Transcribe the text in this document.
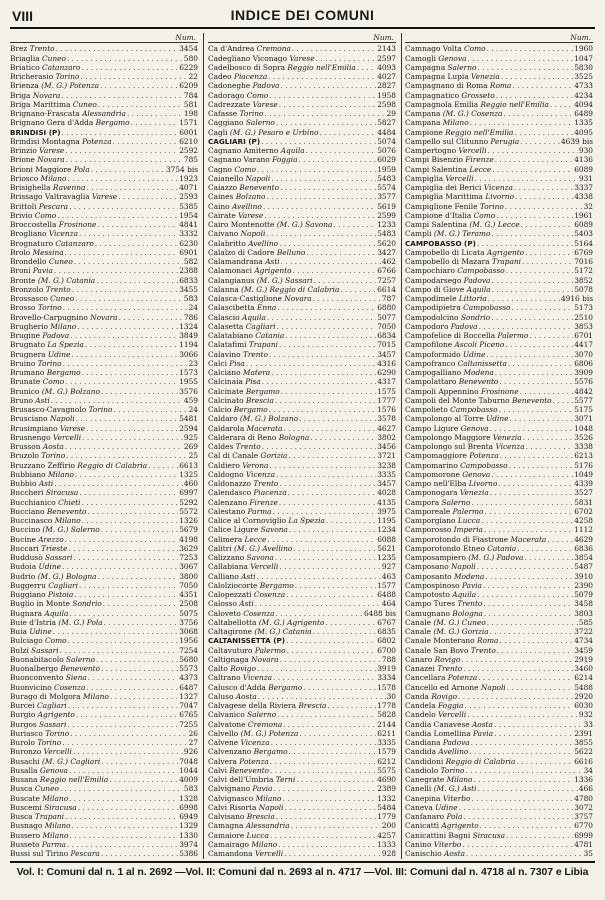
VIII	INDICE DEI COMUNI
Num.
Brez Trento . . .	3454
Briaglia Cuneo . . .	580
Briatico Catanzaro . . .	6229
Bricherasio Torino . . .	22
Brienza (M. G.) Potenza . . .	6209
Briga Novara . . .	784
Briga Marittima Cuneo . . .	581
Brignano-Frascata Alessandria . . .	198
Brignano Gera d'Adda Bergamo . . .	1571
BRINDISI (P) . . .	6001
Brindisi Montagna Potenza . . .	6210
Brinzio Varese . . .	2592
Brione Novara . . .	785
Brioni Maggiore Pola . . .	3754 bis
Briosco Milano . . .	1923
Brisighella Ravenna . . .	4071
Brissago Valtravaglia Varese . . .	2593
Brittoli Pescara . . .	5385
Brivio Como . . .	1954
Broccostella Frosinone . . .	4841
Brogliano Vicenza . . .	3332
Brognaturo Catanzaro . . .	6230
Brolo Messina . . .	6901
Brondello Cuneo . . .	582
Broni Pavia . . .	2388
Bronte (M. G.) Catania . . .	6833
Bronzolo Trento . . .	3455
Brossasco Cuneo . . .	583
Brosso Torino . . .	24
Brovello-Carpugnino Novara . . .	786
Brugherio Milano . . .	1324
Brugine Padova . . .	3849
Brugnato La Spezia . . .	1194
Brugnera Udine . . .	3066
Bruino Torino . . .	23
Brumano Bergamo . . .	1573
Brunate Como . . .	1955
Brunico (M. G.) Bolzano . . .	3576
Bruno Asti . . .	459
Brusasco-Cavagnolo Torino . . .	24
Brusciano Napoli . . .	5481
Brusimpiano Varese . . .	2594
Brusnengo Vercelli . . .	925
Brusson Aosta . . .	269
Bruzolo Torino . . .	25
Bruzzano Zeffirio Reggio di Calabria . . .	6613
Bubbiano Milano . . .	1325
Bubbio Asti . . .	460
Buccheri Siracusa . . .	6997
Bucchianico Chieti . . .	5292
Bucciano Benevento . . .	5572
Buccinasco Milano . . .	1326
Buccino (M. G.) Salerno . . .	5679
Bucine Arezzo . . .	4198
Buccari Trieste . . .	3629
Buddusò Sassari . . .	7253
Budoia Udine . . .	3067
Budrio (M. G.) Bologna . . .	3800
Buggerru Cagliari . . .	7050
Buggiano Pistoia . . .	4351
Buglio in Monte Sondrio . . .	2508
Bugnara Aquila . . .	5075
Buie d'Istria (M. G.) Pola . . .	3756
Buia Udine . . .	3068
Bulciago Como . . .	1956
Bulzi Sassari . . .	7254
Buonabitacolo Salerno . . .	5680
Buonalbergo Benevento . . .	5573
Buonconvento Siena . . .	4373
Buonvicino Cosenza . . .	6487
Burago di Molgora Milano . . .	1327
Burcei Cagliari . . .	7047
Burgio Agrigento . . .	6765
Burgos Sassari . . .	7255
Buriasco Torino . . .	26
Burolo Torino . . .	27
Buronzo Vercelli . . .	926
Busachi (M. G.) Cagliari . . .	7048
Busalla Genova . . .	1044
Busana Reggio nell'Emilia . . .	4009
Busca Cuneo . . .	583
Buscate Milano . . .	1328
Buscemi Siracusa . . .	6998
Busca Trapani . . .	6949
Busnago Milano . . .	1329
Bussero Milano . . .	1330
Busseto Parma . . .	3974
Bussi sul Tirino Pescara . . .	5386
. . .
Num.
Ca d'Andrea Cremona . . .	2143
Cadegliano Viconago Varese . . .	2597
Cadelbosco di Sopra Reggio nell'Emilia . . .	4093
Cadeo Piacenza . . .	4027
Cadoneghe Padova . . .	2827
Cadorago Como . . .	1958
Cadrezzate Varese . . .	2598
Cafasse Torino . . .	29
Caggiano Salerno . . .	5827
Cagli (M. G.) Pesaro e Urbino . . .	4484
CAGLIARI (P) . . .	5074
Cagnano Amiterno Aquila . . .	5076
Cagnano Varano Foggia . . .	6029
Cagno Como . . .	1959
Caianello Napoli . . .	5483
Caiazzo Benevento . . .	5574
Caines Bolzano . . .	3577
Caino Avellino . . .	5619
Cairate Varese . . .	2599
Cairo Montenotte (M. G.) Savona . . .	1233
Caivano Napoli . . .	5483
Calabritto Avellino . . .	5620
Calalzo di Cadore Belluno . . .	3427
Calamandrana Asti . . .	462
Calamonaci Agrigento . . .	6766
Calangianus (M. G.) Sassari . . .	7257
Calanna (M. G.) Reggio di Calabria . . .	6614
Calasca-Castiglione Novara . . .	787
Calascibetta Enna . . .	6880
Calascio Aquila . . .	5077
Calasetta Cagliari . . .	7050
Calatabiano Catania . . .	6834
Calatafimi Trapani . . .	7015
Calavino Trento . . .	3457
Calci Pisa . . .	4316
Calciano Matera . . .	6290
Calcinaia Pisa . . .	4317
Calcinate Bergamo . . .	1575
Calcinato Brescia . . .	1777
Calcio Bergamo . . .	1576
Caldaro (M. G.) Bolzano . . .	3578
Caldarola Macerata . . .	4627
Calderara di Reno Bologna . . .	3802
Caldes Trento . . .	3456
Cal di Canale Gorizia . . .	3721
Caldiero Verona . . .	3238
Caldogno Vicenza . . .	3335
Caldonazzo Trento . . .	3457
Calendasco Piacenza . . .	4028
Calenzano Firenze . . .	4135
Calestano Parma . . .	3975
Calice al Cornoviglio La Spezia . . .	1195
Calice Ligure Savona . . .	1234
Calimera Lecce . . .	6088
Calitri (M. G.) Avellino . . .	5621
Calizzano Savona . . .	1235
Callabiana Vercelli . . .	927
Calliano Asti . . .	463
Calolziocorte Bergamo . . .	1577
Calopezzati Cosenza . . .	6488
Calosso Asti . . .	464
Caloveto Cosenza . . .	6488 bis
Caltabellotta (M. G.) Agrigento . . .	6767
Caltagirone (M. G.) Catania . . .	6835
CALTANISSETTA (P) . . .	6802
Caltavuturo Palermo . . .	6700
Caltignaga Novara . . .	788
Calto Rovigo . . .	3919
Caltrano Vicenza . . .	3334
Calusco d'Adda Bergamo . . .	1578
Caluso Aosta . . .	30
Calvagese della Riviera Brescia . . .	1778
Calvanico Salerno . . .	5828
Calvatone Cremona . . .	2144
Calvello (M. G.) Potenza . . .	6211
Calvene Vicenza . . .	3335
Calvenzano Bergamo . . .	1579
Calvera Potenza . . .	6212
Calvi Benevento . . .	5575
Calvi dell'Umbria Terni . . .	4690
Calvignano Pavia . . .	2389
Calvignasco Milano . . .	1332
Calvi Risorta Napoli . . .	5484
Calvisano Brescia . . .	1779
Camagna Alessandria . . .	200
Camaiore Lucca . . .	4257
Camairago Milano . . .	1333
Camandona Vercelli . . .	928
. . .
Num.
Camnago Volta Como . . .	1960
Camogli Genova . . .	1047
Campagna Salerno . . .	5830
Campagna Lupia Venezia . . .	3525
Campagnano di Roma Roma . . .	4733
Campagnatico Grosseto . . .	4234
Campagnola Emilia Reggio nell'Emilia . . .	4094
Campana (M. G.) Cosenza . . .	6489
Campana Milano . . .	1335
Campione Reggio nell'Emilia . . .	4095
Campello sul Clitunno Perugia . . .	4639 bis
Campertogno Vercelli . . .	930
Campi Bisenzio Firenze . . .	4136
Campi Salentina Lecce . . .	6089
Campiglia Vercelli . . .	931
Campiglia dei Berici Vicenza . . .	3337
Campiglia Marittima Livorno . . .	4338
Campiglione Fenile Torino . . .	32
Campione d'Italia Como . . .	1961
Campi Salentina (M. G.) Lecce . . .	6089
Campli (M. G.) Teramo . . .	5403
CAMPOBASSO (P) . . .	5164
Campobello di Licata Agrigento . . .	6769
Campobello di Mazara Trapani . . .	7016
Campochiaro Campobasso . . .	5172
Campodarsego Padova . . .	3852
Campo di Giove Aquila . . .	5078
Campodimele Littoria . . .	4916 bis
Campodipietra Campobasso . . .	5173
Campodolcino Sondrio . . .	2510
Campodoro Padova . . .	3853
Campofelice di Roccella Palermo . . .	6701
Campofilone Ascoli Piceno . . .	4417
Campoformido Udine . . .	3070
Campofranco Caltanissetta . . .	6806
Campogalliano Modena . . .	3909
Campolattaro Benevento . . .	5576
Campoli Appennino Frosinone . . .	4842
Campoli del Monte Taburno Benevento . . .	5577
Campolieto Campobasso . . .	5175
Campolongo al Torre Udine . . .	3071
Campo Ligure Genova . . .	1048
Campolongo Maggiore Venezia . . .	3526
Campolongo sul Brenta Vicenza . . .	3338
Campomaggiore Potenza . . .	6213
Campomarino Campobasso . . .	5176
Campomorone Genova . . .	1049
Campo nell'Elba Livorno . . .	4339
Camponogara Venezia . . .	3527
Campora Salerno . . .	5831
Camporeale Palermo . . .	6702
Camporgiano Lucca . . .	4258
Camporosso Imperia . . .	1112
Camporotondo di Fiastrone Macerata . . .	4629
Camporotondo Etneo Catania . . .	6836
Camposampiero (M. G.) Padova . . .	3854
Camposano Napoli . . .	5487
Camposanto Modena . . .	3910
Campospinoso Pavia . . .	2390
Campotosto Aquila . . .	5079
Campo Tures Trento . . .	3458
Camugnano Bologna . . .	3803
Canale (M. G.) Cuneo . . .	585
Canale (M. G.) Gorizia . . .	3722
Canale Monterano Roma . . .	4734
Canale San Bovo Trento . . .	3459
Canaro Rovigo . . .	2919
Canazei Trento . . .	3460
Cancellara Potenza . . .	6214
Cancello ed Arnone Napoli . . .	5488
Canda Rovigo . . .	2920
Candela Foggia . . .	6030
Candelo Vercelli . . .	932
Candia Canavese Aosta . . .	33
Candia Lomellina Pavia . . .	2391
Candiana Padova . . .	3855
Candida Avellino . . .	5622
Candidoni Reggio di Calabria . . .	6616
Candiolo Torino . . .	34
Canegrate Milano . . .	1336
Canelli (M. G.) Asti . . .	466
Canepina Viterbo . . .	4780
Caneva Udine . . .	3072
Canfanaro Pola . . .	3757
Canicattì Agrigento . . .	6770
Canicattini Bagni Siracusa . . .	6999
Canino Viterbo . . .	4781
Canischio Aosta . . .	35
. . .
Vol. I: Comuni dal n. 1 al n. 2692 —Vol. II: Comuni dal n. 2693 al n. 4717 —Vol. III: Comuni dal n. 4718 al n. 7307 e Libia
